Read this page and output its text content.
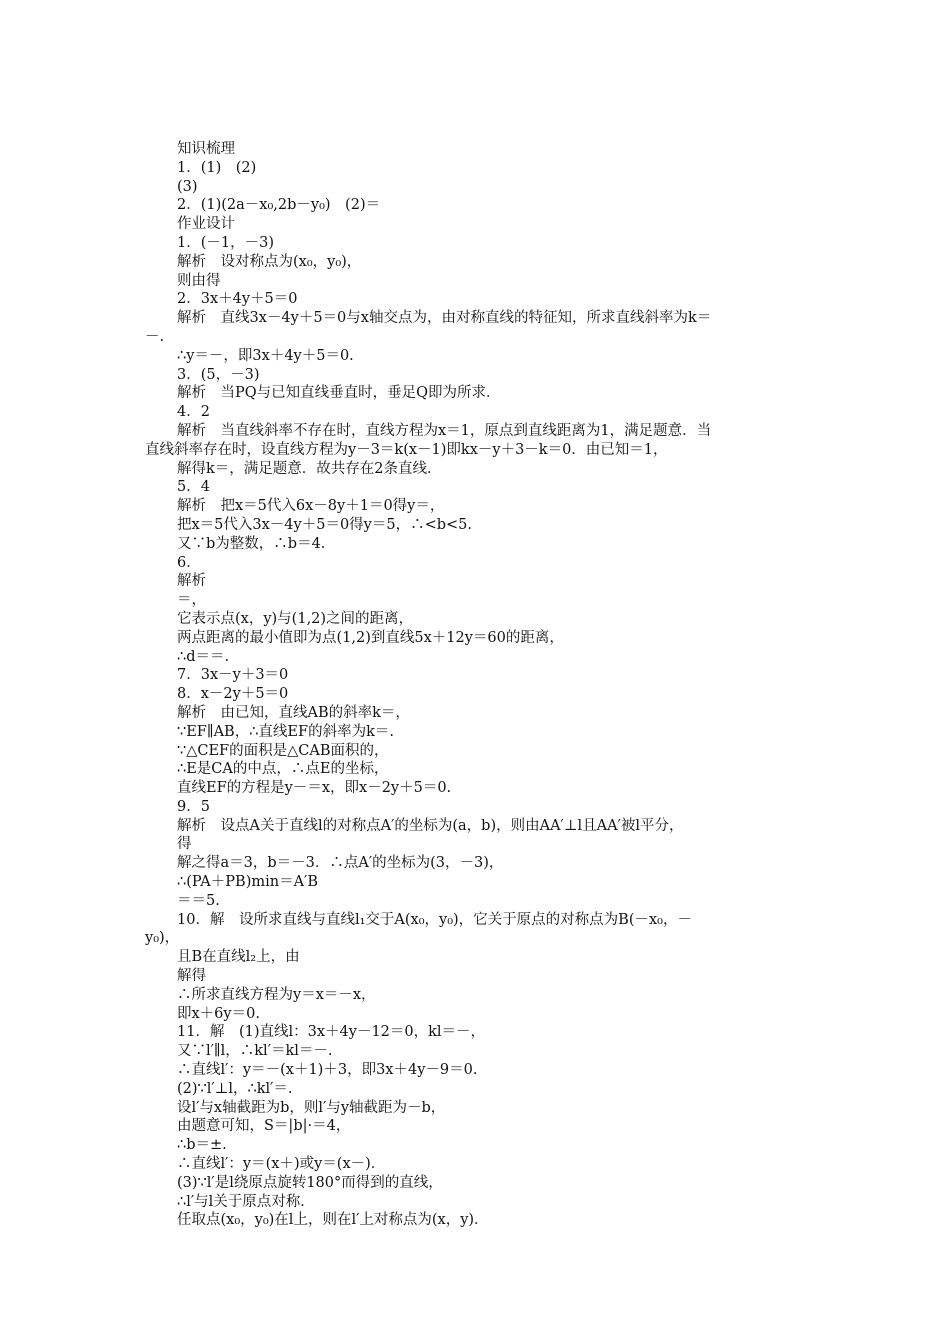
知识梳理
1．(1)　(2)
(3)
2．(1)(2a－x₀,2b－y₀)　(2)＝
作业设计
1．(－1，－3)
解析　设对称点为(x₀，y₀)，
则由得
2．3x＋4y＋5＝0
解析　直线3x－4y＋5＝0与x轴交点为，由对称直线的特征知，所求直线斜率为k＝
－.
∴y＝－，即3x＋4y＋5＝0.
3．(5，－3)
解析　当PQ与已知直线垂直时，垂足Q即为所求．
4．2
解析　当直线斜率不存在时，直线方程为x＝1，原点到直线距离为1，满足题意．当
直线斜率存在时，设直线方程为y－3＝k(x－1)即kx－y＋3－k＝0．由已知＝1，
解得k＝，满足题意．故共存在2条直线．
5．4
解析　把x＝5代入6x－8y＋1＝0得y＝，
把x＝5代入3x－4y＋5＝0得y＝5，∴<b<5.
又∵b为整数，∴b＝4.
6．
解析
＝，
它表示点(x，y)与(1,2)之间的距离，
两点距离的最小值即为点(1,2)到直线5x＋12y＝60的距离，
∴d＝＝.
7．3x－y＋3＝0
8．x－2y＋5＝0
解析　由已知，直线AB的斜率k＝，
∵EF∥AB，∴直线EF的斜率为k＝.
∵△CEF的面积是△CAB面积的，
∴E是CA的中点，∴点E的坐标，
直线EF的方程是y－＝x，即x－2y＋5＝0.
9．5
解析　设点A关于直线l的对称点A′的坐标为(a，b)，则由AA′⊥l且AA′被l平分，
得
解之得a＝3，b＝－3．∴点A′的坐标为(3，－3)，
∴(PA＋PB)min＝A′B
＝＝5.
10．解　设所求直线与直线l₁交于A(x₀，y₀)，它关于原点的对称点为B(－x₀，－
y₀)，
且B在直线l₂上，由
解得
∴所求直线方程为y＝x＝－x，
即x＋6y＝0.
11．解　(1)直线l：3x＋4y－12＝0，kl＝－，
又∵l′∥l，∴kl′＝kl＝－.
∴直线l′：y＝－(x＋1)＋3，即3x＋4y－9＝0.
(2)∵l′⊥l，∴kl′＝.
设l′与x轴截距为b，则l′与y轴截距为－b，
由题意可知，S＝|b|·＝4，
∴b＝±.
∴直线l′：y＝(x＋)或y＝(x－)．
(3)∵l′是l绕原点旋转180°而得到的直线，
∴l′与l关于原点对称．
任取点(x₀，y₀)在l上，则在l′上对称点为(x，y)．
